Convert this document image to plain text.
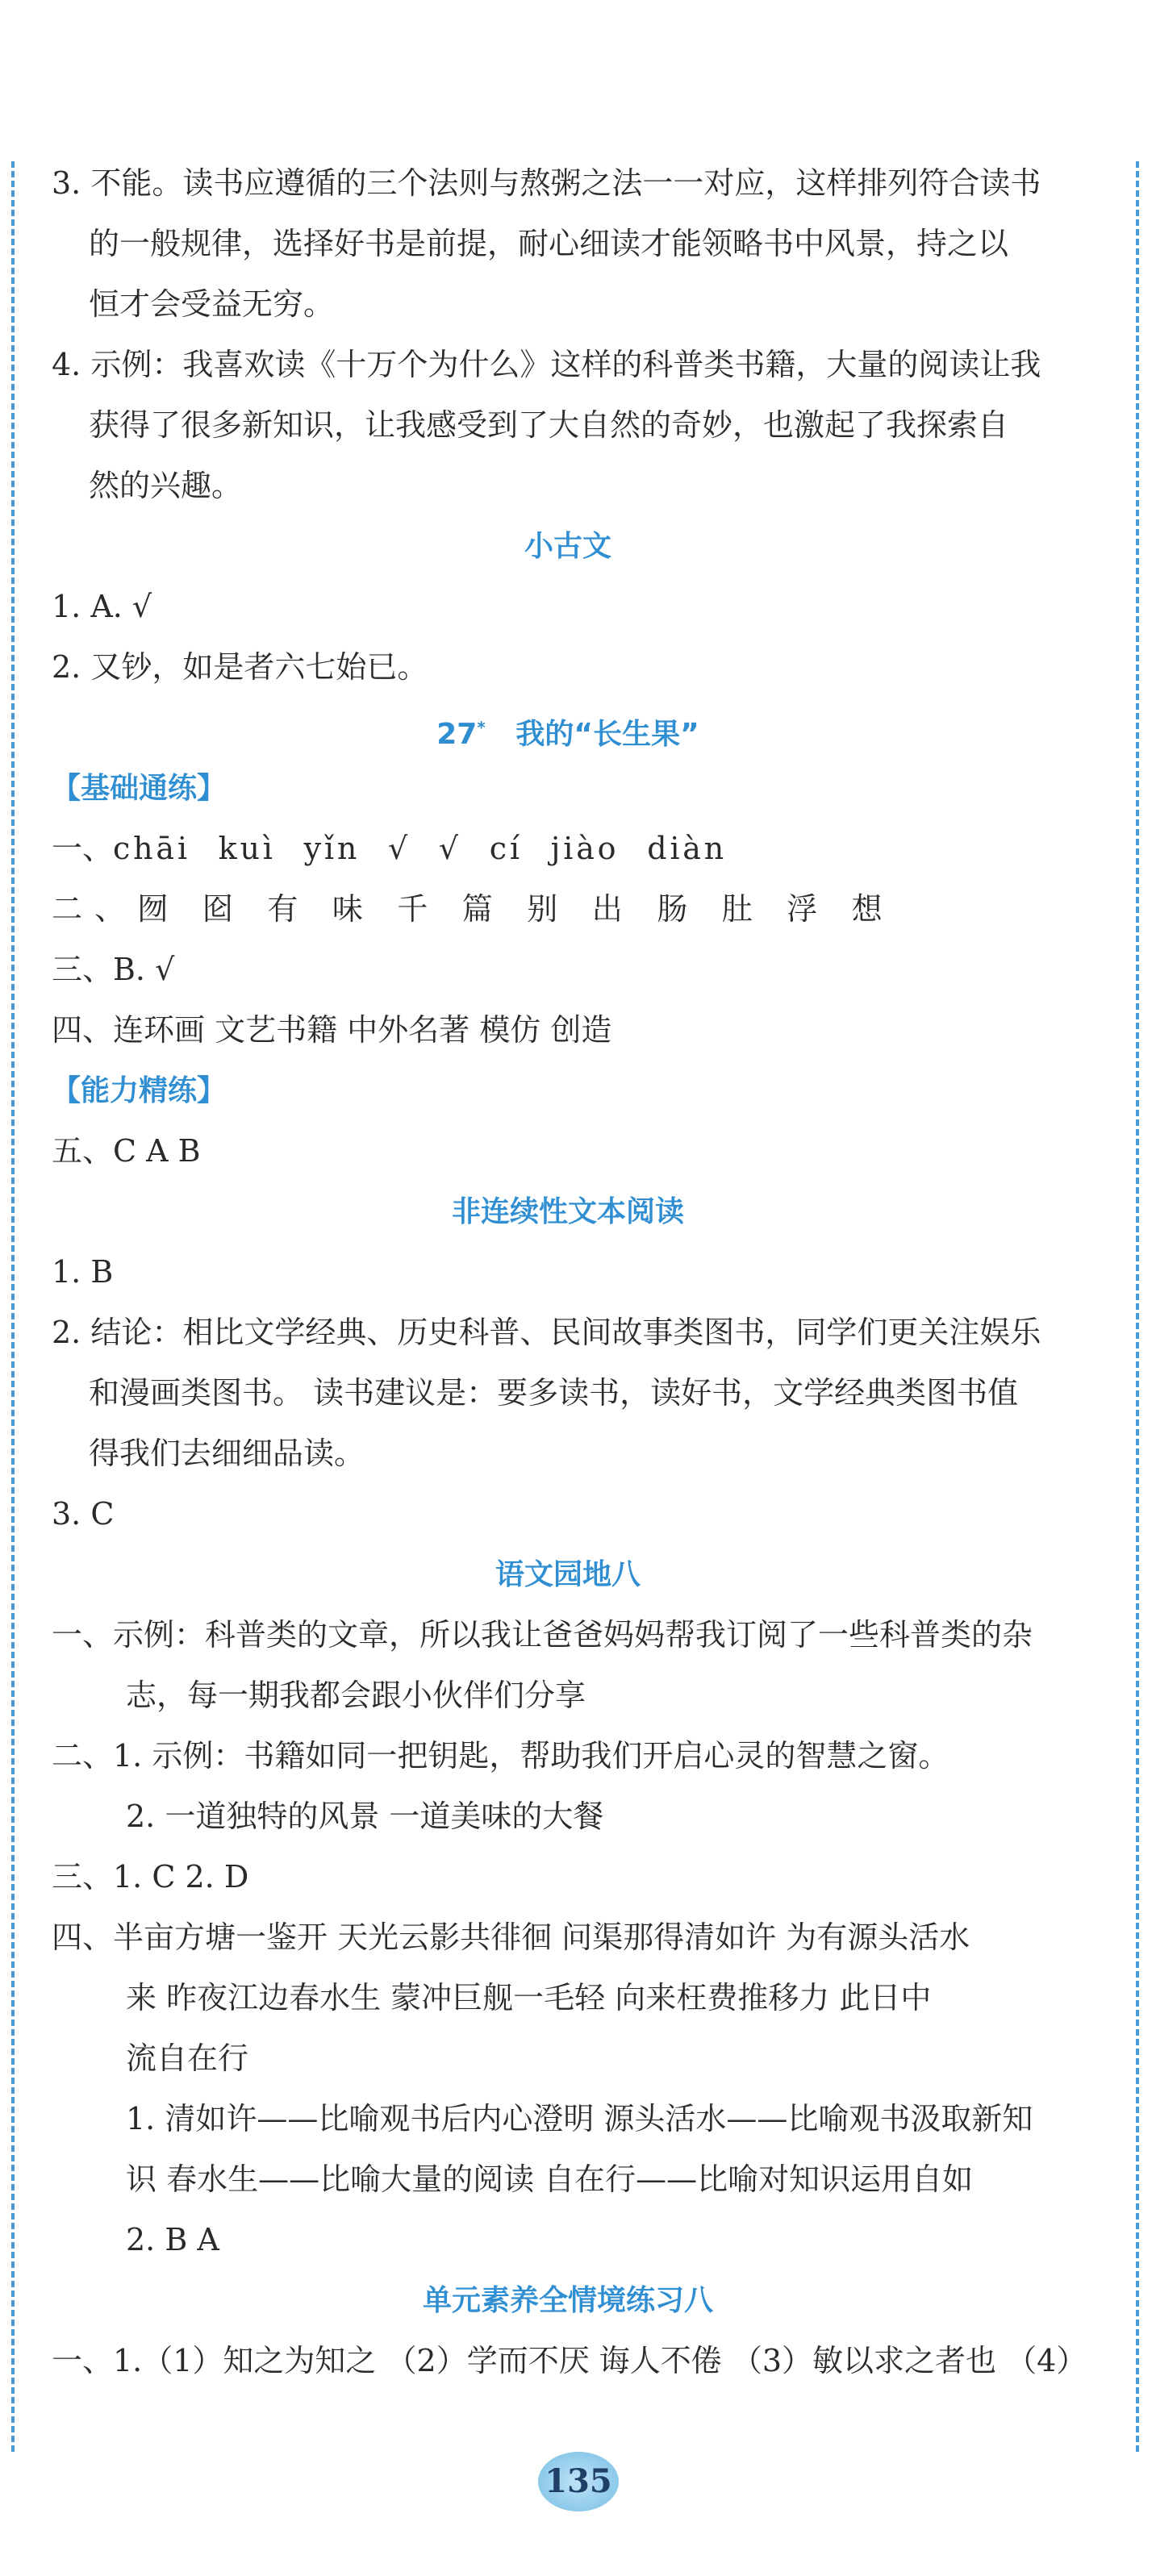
3. 不能。读书应遵循的三个法则与熬粥之法一一对应，这样排列符合读书
的一般规律，选择好书是前提，耐心细读才能领略书中风景，持之以
恒才会受益无穷。
4. 示例：我喜欢读《十万个为什么》这样的科普类书籍，大量的阅读让我
获得了很多新知识，让我感受到了大自然的奇妙，也激起了我探索自
然的兴趣。
小古文
1. A. √
2. 又钞，如是者六七始已。
27* 我的“长生果”
【基础通练】
一、chāi kuì yǐn √ √ cí jiào diàn
二、囫 囵 有 味 千 篇 别 出 肠 肚 浮 想
三、B. √
四、连环画 文艺书籍 中外名著 模仿 创造
【能力精练】
五、C A B
非连续性文本阅读
1. B
2. 结论：相比文学经典、历史科普、民间故事类图书，同学们更关注娱乐
和漫画类图书。 读书建议是：要多读书，读好书，文学经典类图书值
得我们去细细品读。
3. C
语文园地八
一、示例：科普类的文章，所以我让爸爸妈妈帮我订阅了一些科普类的杂
志，每一期我都会跟小伙伴们分享
二、1. 示例：书籍如同一把钥匙，帮助我们开启心灵的智慧之窗。
2. 一道独特的风景 一道美味的大餐
三、1. C 2. D
四、半亩方塘一鉴开 天光云影共徘徊 问渠那得清如许 为有源头活水
来 昨夜江边春水生 蒙冲巨舰一毛轻 向来枉费推移力 此日中
流自在行
1. 清如许——比喻观书后内心澄明 源头活水——比喻观书汲取新知
识 春水生——比喻大量的阅读 自在行——比喻对知识运用自如
2. B A
单元素养全情境练习八
一、1.（1）知之为知之 （2）学而不厌 诲人不倦 （3）敏以求之者也 （4）
135
